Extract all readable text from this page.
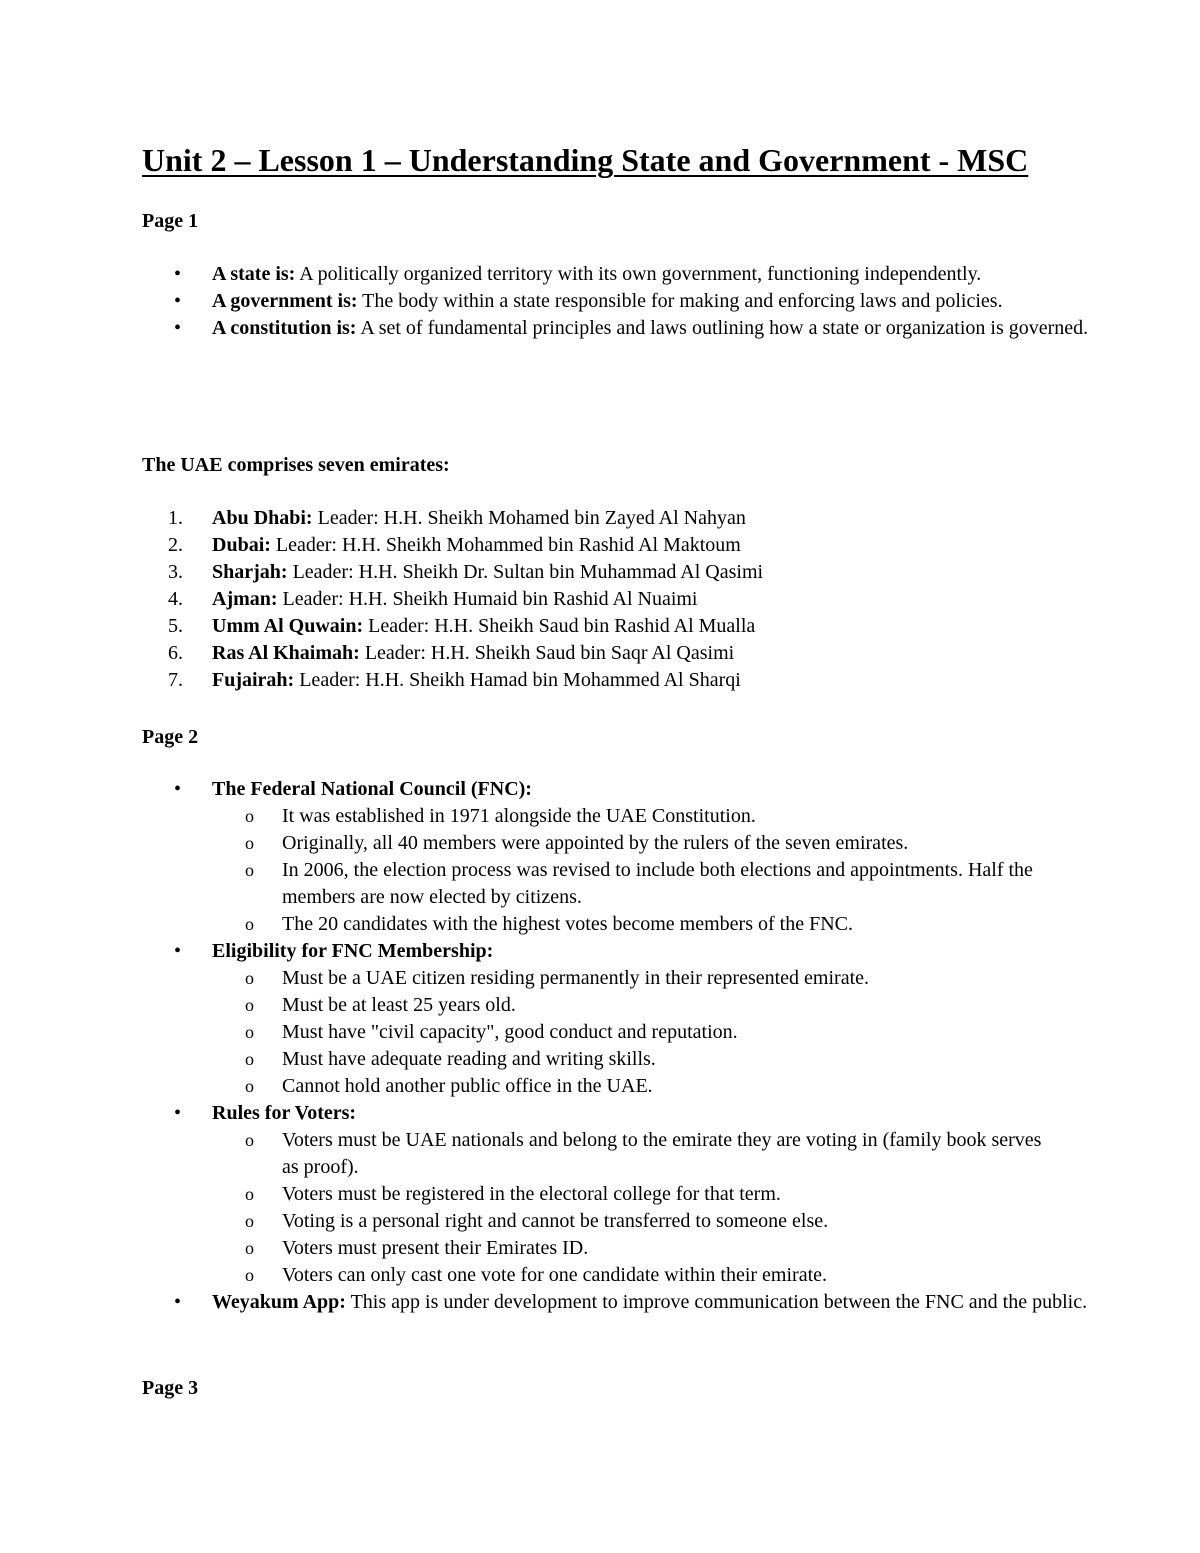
Unit 2 – Lesson 1 – Understanding State and Government - MSC

Page 1

• A state is: A politically organized territory with its own government, functioning independently.
• A government is: The body within a state responsible for making and enforcing laws and policies.
• A constitution is: A set of fundamental principles and laws outlining how a state or organization is governed.

The UAE comprises seven emirates:

1.	Abu Dhabi: Leader: H.H. Sheikh Mohamed bin Zayed Al Nahyan
2.	Dubai: Leader: H.H. Sheikh Mohammed bin Rashid Al Maktoum
3.	Sharjah: Leader: H.H. Sheikh Dr. Sultan bin Muhammad Al Qasimi
4.	Ajman: Leader: H.H. Sheikh Humaid bin Rashid Al Nuaimi
5.	Umm Al Quwain: Leader: H.H. Sheikh Saud bin Rashid Al Mualla
6.	Ras Al Khaimah: Leader: H.H. Sheikh Saud bin Saqr Al Qasimi
7.	Fujairah: Leader: H.H. Sheikh Hamad bin Mohammed Al Sharqi

Page 2

• The Federal National Council (FNC):
o It was established in 1971 alongside the UAE Constitution.
o Originally, all 40 members were appointed by the rulers of the seven emirates.
o In 2006, the election process was revised to include both elections and appointments. Half the members are now elected by citizens.
o The 20 candidates with the highest votes become members of the FNC.
• Eligibility for FNC Membership:
o Must be a UAE citizen residing permanently in their represented emirate.
o Must be at least 25 years old.
o Must have "civil capacity", good conduct and reputation.
o Must have adequate reading and writing skills.
o Cannot hold another public office in the UAE.
• Rules for Voters:
o Voters must be UAE nationals and belong to the emirate they are voting in (family book serves as proof).
o Voters must be registered in the electoral college for that term.
o Voting is a personal right and cannot be transferred to someone else.
o Voters must present their Emirates ID.
o Voters can only cast one vote for one candidate within their emirate.
• Weyakum App: This app is under development to improve communication between the FNC and the public.

Page 3
